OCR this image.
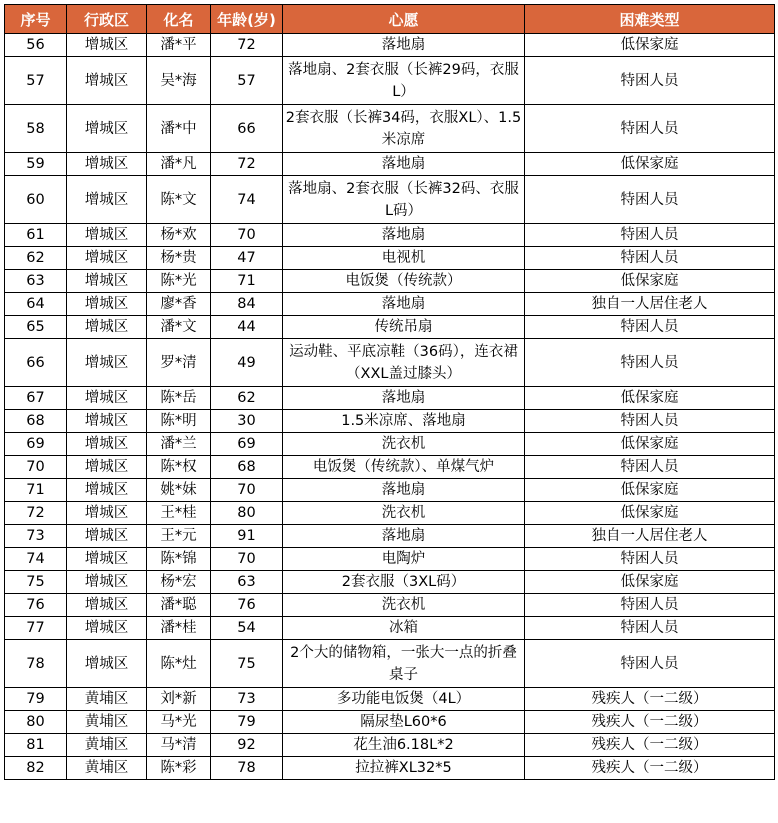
序号	行政区	化名	年龄(岁)	心愿	困难类型
56	增城区	潘*平	72	落地扇	低保家庭
57	增城区	吴*海	57	落地扇、2套衣服（长裤29码，衣服L）	特困人员
58	增城区	潘*中	66	2套衣服（长裤34码，衣服XL）、1.5米凉席	特困人员
59	增城区	潘*凡	72	落地扇	低保家庭
60	增城区	陈*文	74	落地扇、2套衣服（长裤32码、衣服L码）	特困人员
61	增城区	杨*欢	70	落地扇	特困人员
62	增城区	杨*贵	47	电视机	特困人员
63	增城区	陈*光	71	电饭煲（传统款）	低保家庭
64	增城区	廖*香	84	落地扇	独自一人居住老人
65	增城区	潘*文	44	传统吊扇	特困人员
66	增城区	罗*清	49	运动鞋、平底凉鞋（36码），连衣裙（XXL盖过膝头）	特困人员
67	增城区	陈*岳	62	落地扇	低保家庭
68	增城区	陈*明	30	1.5米凉席、落地扇	特困人员
69	增城区	潘*兰	69	洗衣机	低保家庭
70	增城区	陈*权	68	电饭煲（传统款）、单煤气炉	特困人员
71	增城区	姚*妹	70	落地扇	低保家庭
72	增城区	王*桂	80	洗衣机	低保家庭
73	增城区	王*元	91	落地扇	独自一人居住老人
74	增城区	陈*锦	70	电陶炉	特困人员
75	增城区	杨*宏	63	2套衣服（3XL码）	低保家庭
76	增城区	潘*聪	76	洗衣机	特困人员
77	增城区	潘*桂	54	冰箱	特困人员
78	增城区	陈*灶	75	2个大的储物箱，一张大一点的折叠桌子	特困人员
79	黄埔区	刘*新	73	多功能电饭煲（4L）	残疾人（一二级）
80	黄埔区	马*光	79	隔尿垫L60*6	残疾人（一二级）
81	黄埔区	马*清	92	花生油6.18L*2	残疾人（一二级）
82	黄埔区	陈*彩	78	拉拉裤XL32*5	残疾人（一二级）
